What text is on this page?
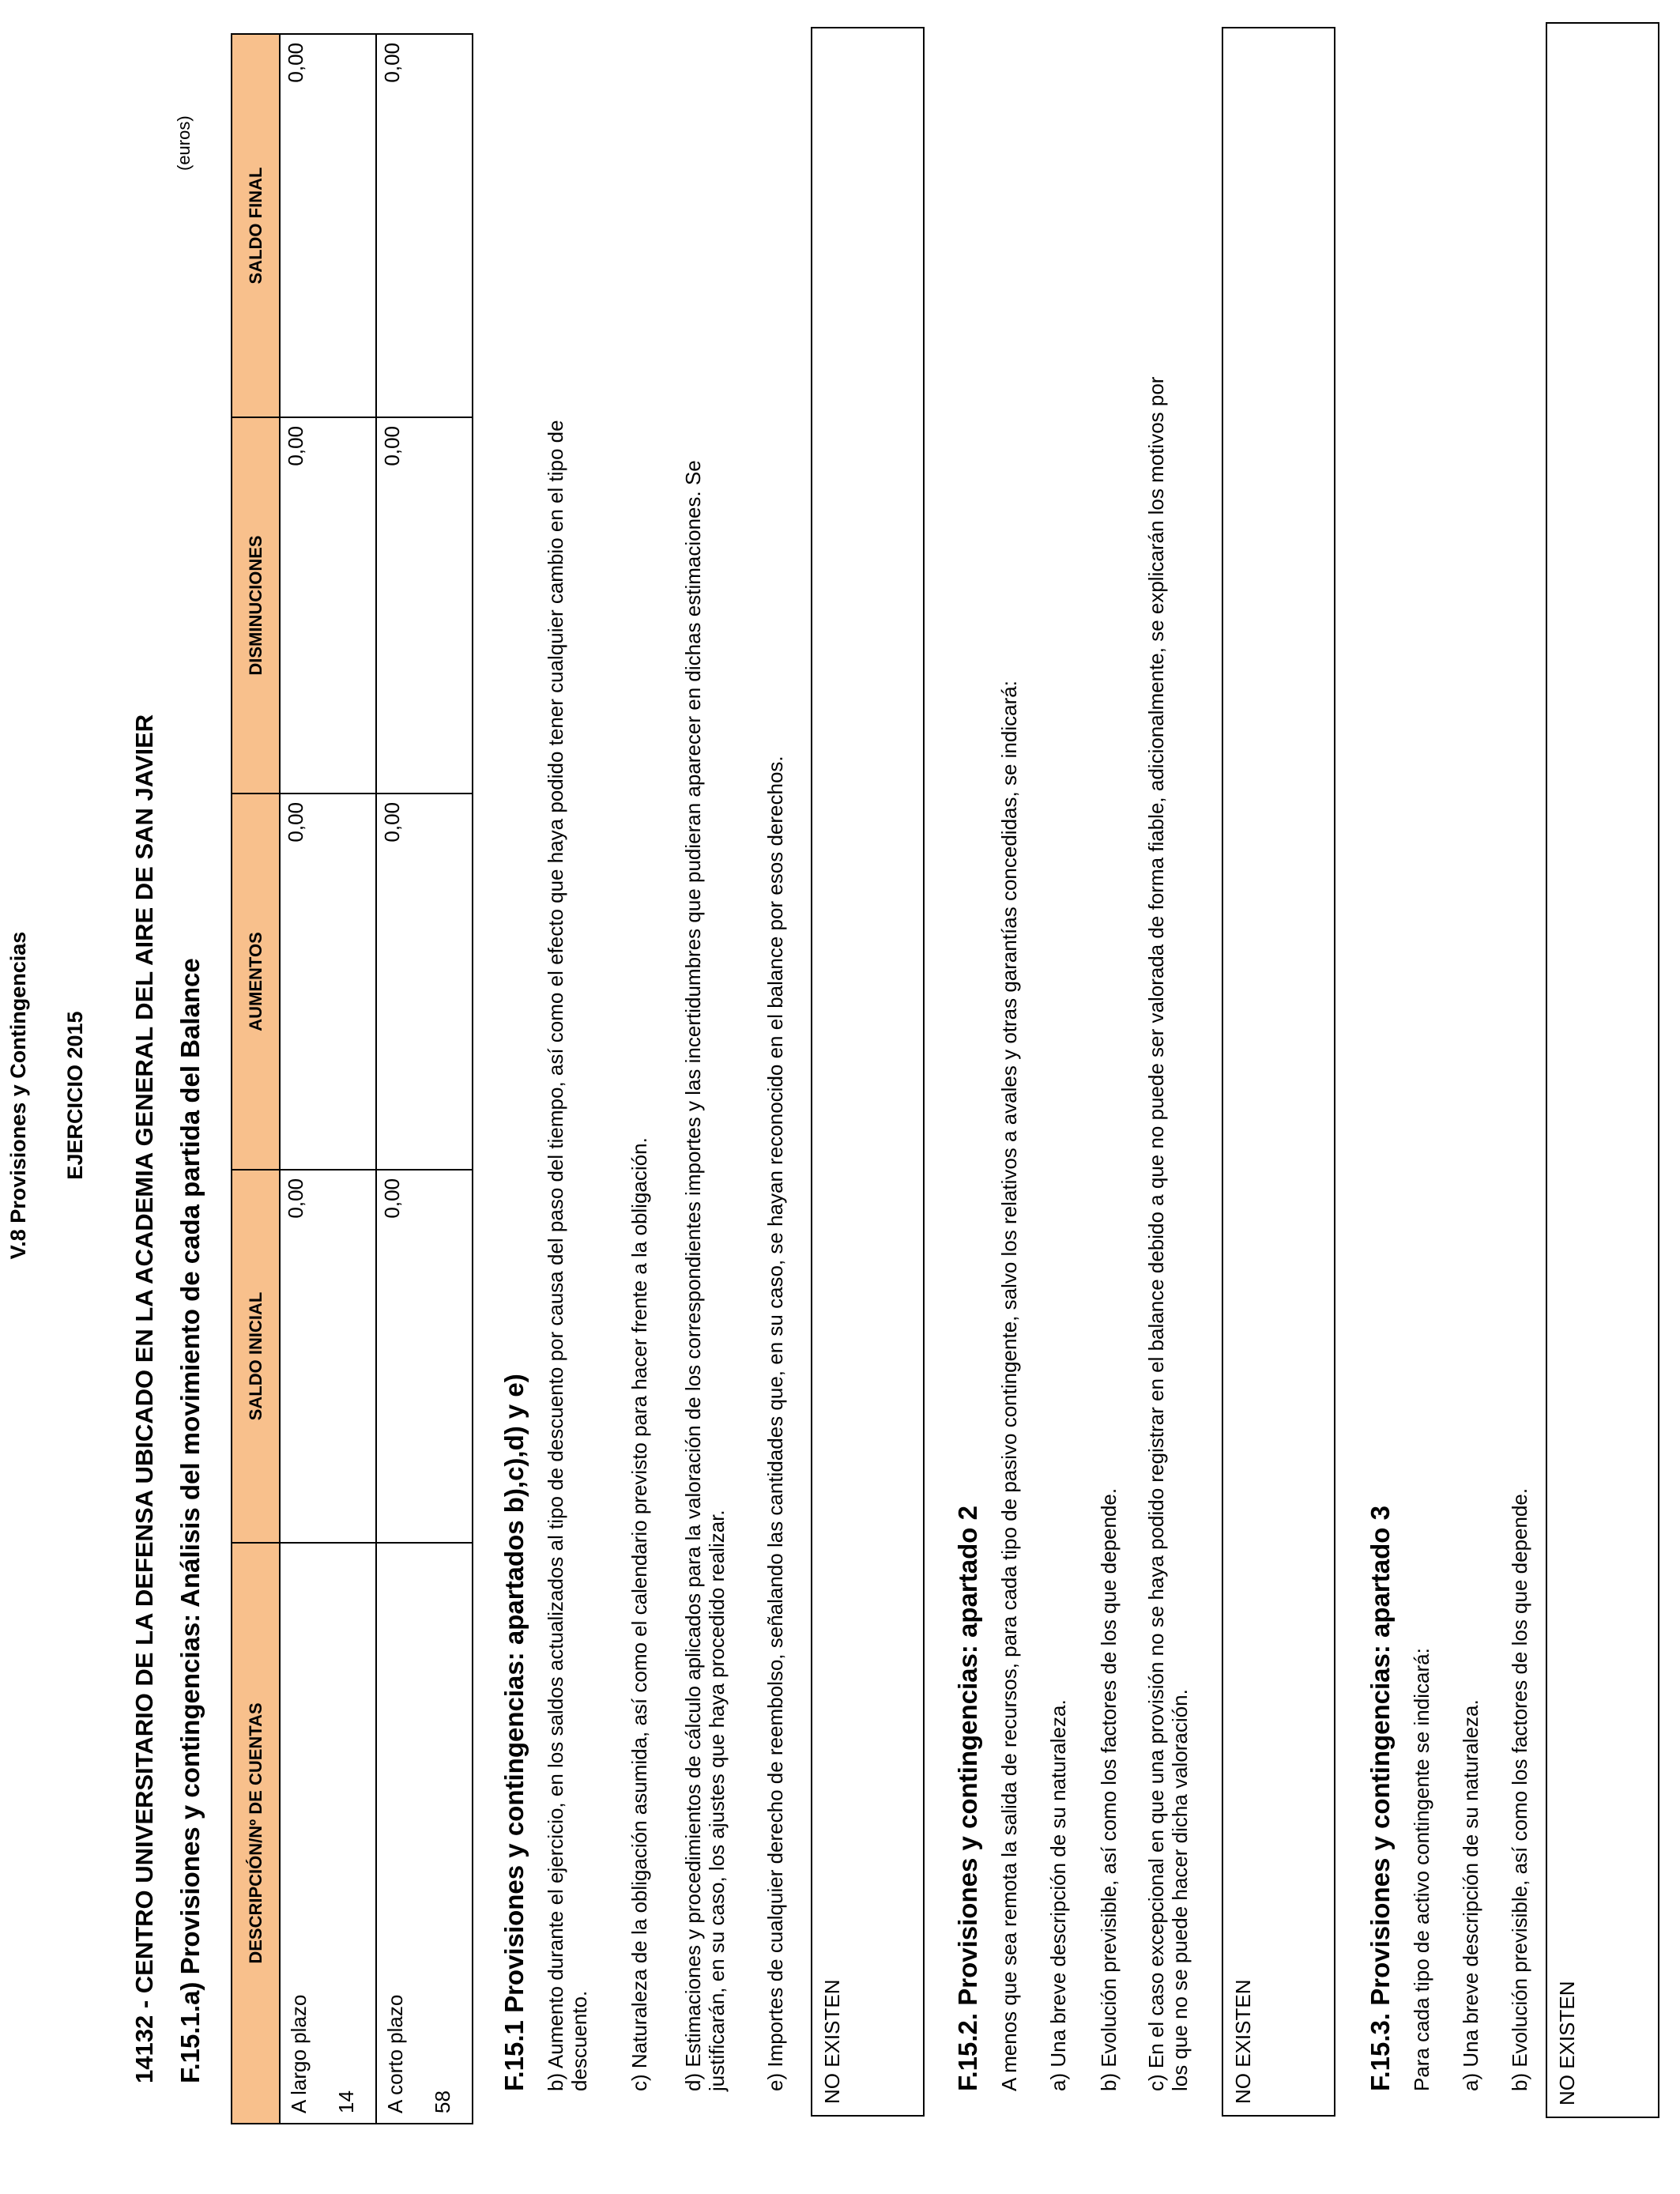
V.8 Provisiones y Contingencias EJERCICIO 2015 14132 - CENTRO UNIVERSITARIO DE LA DEFENSA UBICADO EN LA ACADEMIA GENERAL DEL AIRE DE SAN JAVIER F.15.1.a) Provisiones y contingencias: Análisis del movimiento de cada partida del Balance
(euros)
DESCRIPCIÓN/Nº DE CUENTAS	SALDO INICIAL	AUMENTOS	DISMINUCIONES	SALDO FINAL

A largo plazo 14	0,00	0,00	0,00	0,00

A corto plazo 58	0,00	0,00	0,00	0,00
F.15.1 Provisiones y contingencias: apartados b),c),d) y e) b) Aumento durante el ejercicio, en los saldos actualizados al tipo de descuento por causa del paso del tiempo, así como el efecto que haya podido tener cualquier cambio en el tipo de descuento. c) Naturaleza de la obligación asumida, así como el calendario previsto para hacer frente a la obligación. d) Estimaciones y procedimientos de cálculo aplicados para la valoración de los correspondientes importes y las incertidumbres que pudieran aparecer en dichas estimaciones. Se justificarán, en su caso, los ajustes que haya procedido realizar. e) Importes de cualquier derecho de reembolso, señalando las cantidades que, en su caso, se hayan reconocido en el balance por esos derechos. NO EXISTEN	F.15.2. Provisiones y contingencias: apartado 2 A menos que sea remota la salida de recursos, para cada tipo de pasivo contingente, salvo los relativos a avales y otras garantías concedidas, se indicará: a) Una breve descripción de su naturaleza. b) Evolución previsible, así como los factores de los que depende. c) En el caso excepcional en que una provisión no se haya podido registrar en el balance debido a que no puede ser valorada de forma fiable, adicionalmente, se explicarán los motivos por los que no se puede hacer dicha valoración. NO EXISTEN	F.15.3. Provisiones y contingencias: apartado 3 Para cada tipo de activo contingente se indicará: a) Una breve descripción de su naturaleza. b) Evolución previsible, así como los factores de los que depende. NO EXISTEN
